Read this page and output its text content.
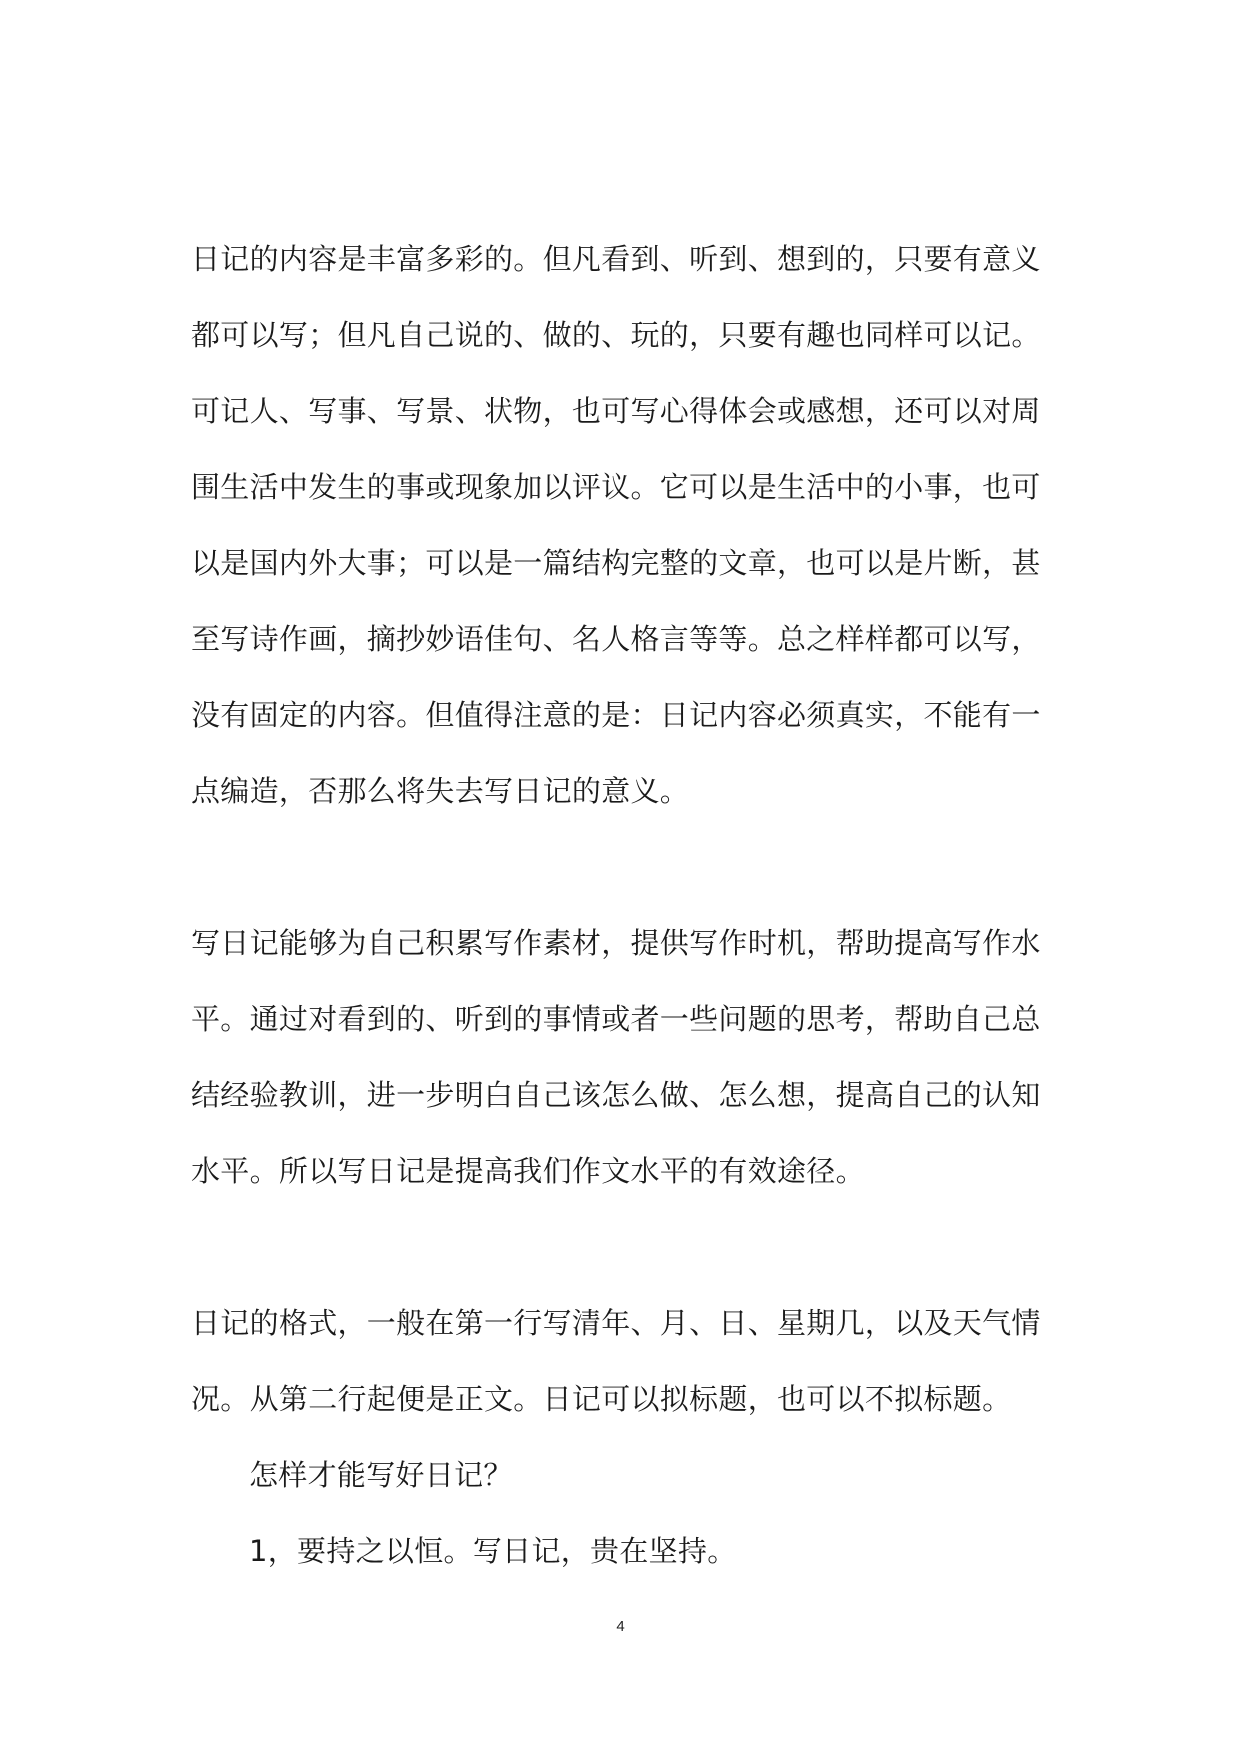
日记的内容是丰富多彩的。但凡看到、听到、想到的，只要有意义
都可以写；但凡自己说的、做的、玩的，只要有趣也同样可以记。
可记人、写事、写景、状物，也可写心得体会或感想，还可以对周
围生活中发生的事或现象加以评议。它可以是生活中的小事，也可
以是国内外大事；可以是一篇结构完整的文章，也可以是片断，甚
至写诗作画，摘抄妙语佳句、名人格言等等。总之样样都可以写，
没有固定的内容。但值得注意的是：日记内容必须真实，不能有一
点编造，否那么将失去写日记的意义。
写日记能够为自己积累写作素材，提供写作时机，帮助提高写作水
平。通过对看到的、听到的事情或者一些问题的思考，帮助自己总
结经验教训，进一步明白自己该怎么做、怎么想，提高自己的认知
水平。所以写日记是提高我们作文水平的有效途径。
日记的格式，一般在第一行写清年、月、日、星期几，以及天气情
况。从第二行起便是正文。日记可以拟标题，也可以不拟标题。
怎样才能写好日记？
1，要持之以恒。写日记，贵在坚持。
4
